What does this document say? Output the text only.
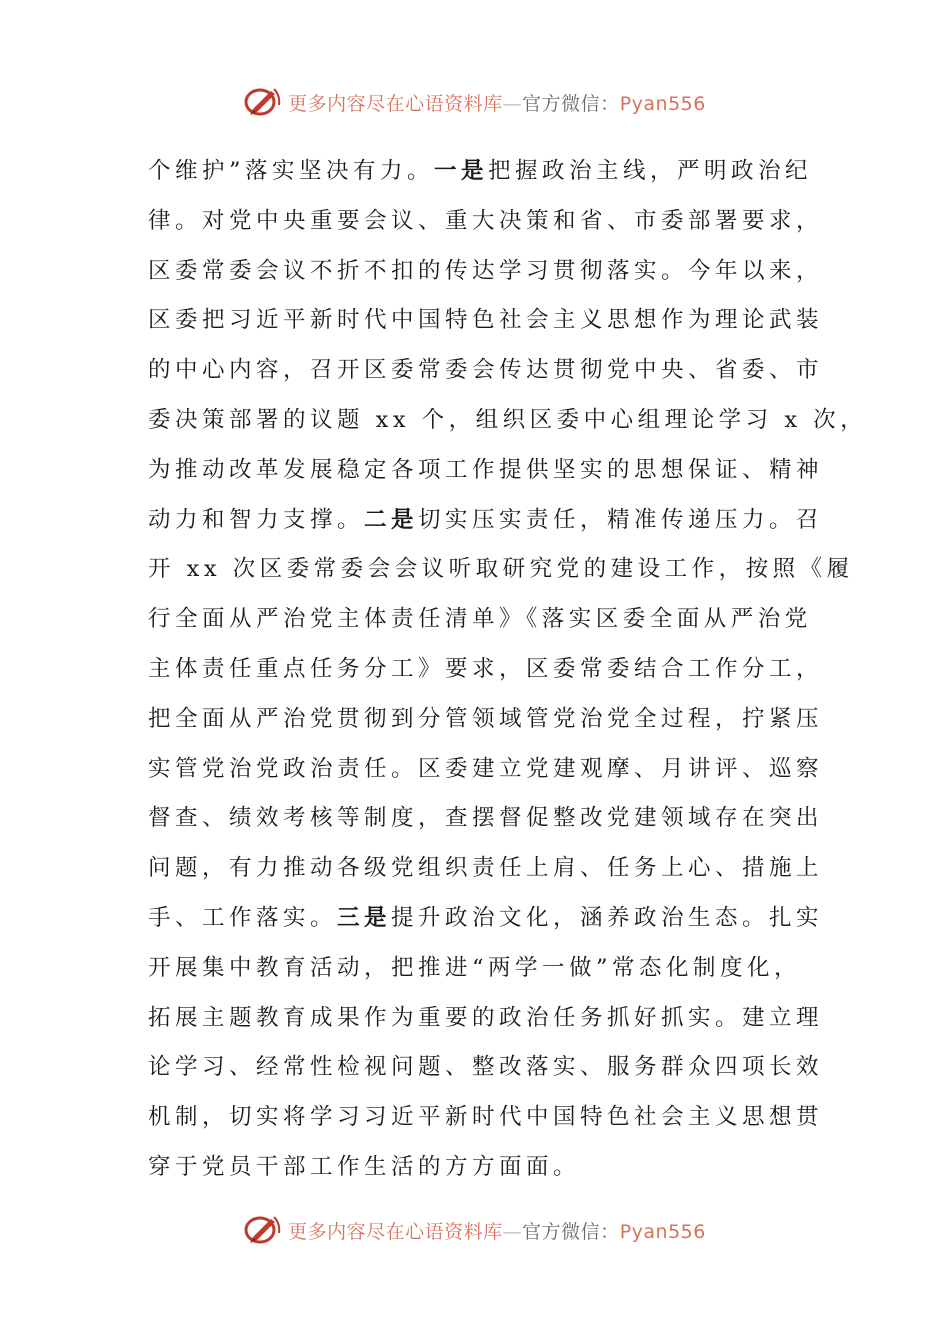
更多内容尽在心语资料库—官方微信：Pyan556
个维护”落实坚决有力。一是把握政治主线，严明政治纪
律。对党中央重要会议、重大决策和省、市委部署要求，
区委常委会议不折不扣的传达学习贯彻落实。今年以来，
区委把习近平新时代中国特色社会主义思想作为理论武装
的中心内容，召开区委常委会传达贯彻党中央、省委、市
委决策部署的议题 xx 个，组织区委中心组理论学习 x 次，
为推动改革发展稳定各项工作提供坚实的思想保证、精神
动力和智力支撑。二是切实压实责任，精准传递压力。召
开 xx 次区委常委会会议听取研究党的建设工作，按照《履
行全面从严治党主体责任清单》《落实区委全面从严治党
主体责任重点任务分工》要求，区委常委结合工作分工，
把全面从严治党贯彻到分管领域管党治党全过程，拧紧压
实管党治党政治责任。区委建立党建观摩、月讲评、巡察
督查、绩效考核等制度，查摆督促整改党建领域存在突出
问题，有力推动各级党组织责任上肩、任务上心、措施上
手、工作落实。三是提升政治文化，涵养政治生态。扎实
开展集中教育活动，把推进“两学一做”常态化制度化，
拓展主题教育成果作为重要的政治任务抓好抓实。建立理
论学习、经常性检视问题、整改落实、服务群众四项长效
机制，切实将学习习近平新时代中国特色社会主义思想贯
穿于党员干部工作生活的方方面面。
更多内容尽在心语资料库—官方微信：Pyan556
